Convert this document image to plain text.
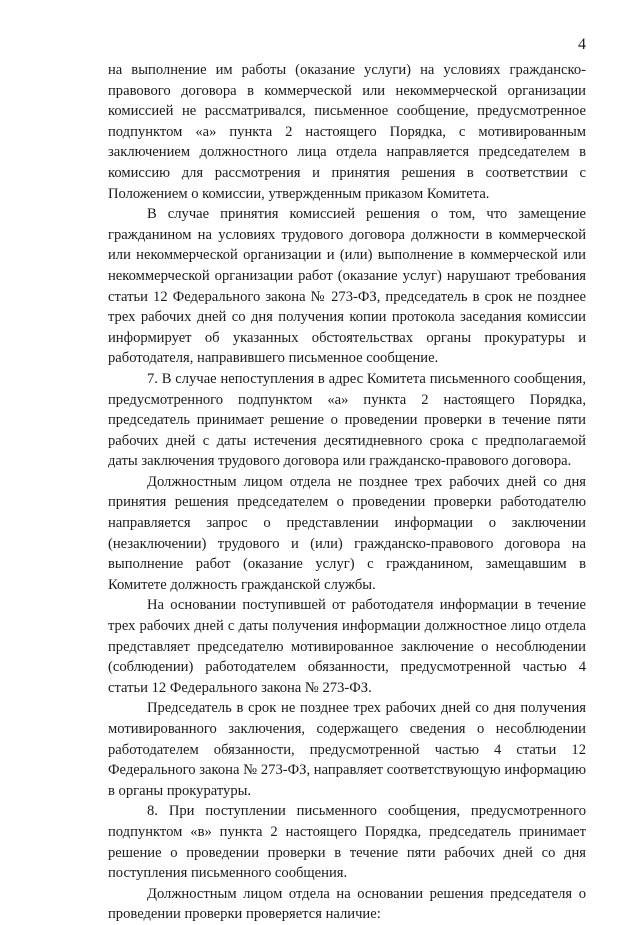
4

на выполнение им работы (оказание услуги) на условиях гражданско-правового договора в коммерческой или некоммерческой организации комиссией не рассматривался, письменное сообщение, предусмотренное подпунктом «а» пункта 2 настоящего Порядка, с мотивированным заключением должностного лица отдела направляется председателем в комиссию для рассмотрения и принятия решения в соответствии с Положением о комиссии, утвержденным приказом Комитета.

В случае принятия комиссией решения о том, что замещение гражданином на условиях трудового договора должности в коммерческой или некоммерческой организации и (или) выполнение в коммерческой или некоммерческой организации работ (оказание услуг) нарушают требования статьи 12 Федерального закона № 273-ФЗ, председатель в срок не позднее трех рабочих дней со дня получения копии протокола заседания комиссии информирует об указанных обстоятельствах органы прокуратуры и работодателя, направившего письменное сообщение.

7. В случае непоступления в адрес Комитета письменного сообщения, предусмотренного подпунктом «а» пункта 2 настоящего Порядка, председатель принимает решение о проведении проверки в течение пяти рабочих дней с даты истечения десятидневного срока с предполагаемой даты заключения трудового договора или гражданско-правового договора.

Должностным лицом отдела не позднее трех рабочих дней со дня принятия решения председателем о проведении проверки работодателю направляется запрос о представлении информации о заключении (незаключении) трудового и (или) гражданско-правового договора на выполнение работ (оказание услуг) с гражданином, замещавшим в Комитете должность гражданской службы.

На основании поступившей от работодателя информации в течение трех рабочих дней с даты получения информации должностное лицо отдела представляет председателю мотивированное заключение о несоблюдении (соблюдении) работодателем обязанности, предусмотренной частью 4 статьи 12 Федерального закона № 273-ФЗ.

Председатель в срок не позднее трех рабочих дней со дня получения мотивированного заключения, содержащего сведения о несоблюдении работодателем обязанности, предусмотренной частью 4 статьи 12 Федерального закона № 273-ФЗ, направляет соответствующую информацию в органы прокуратуры.

8. При поступлении письменного сообщения, предусмотренного подпунктом «в» пункта 2 настоящего Порядка, председатель принимает решение о проведении проверки в течение пяти рабочих дней со дня поступления письменного сообщения.

Должностным лицом отдела на основании решения председателя о проведении проверки проверяется наличие:
